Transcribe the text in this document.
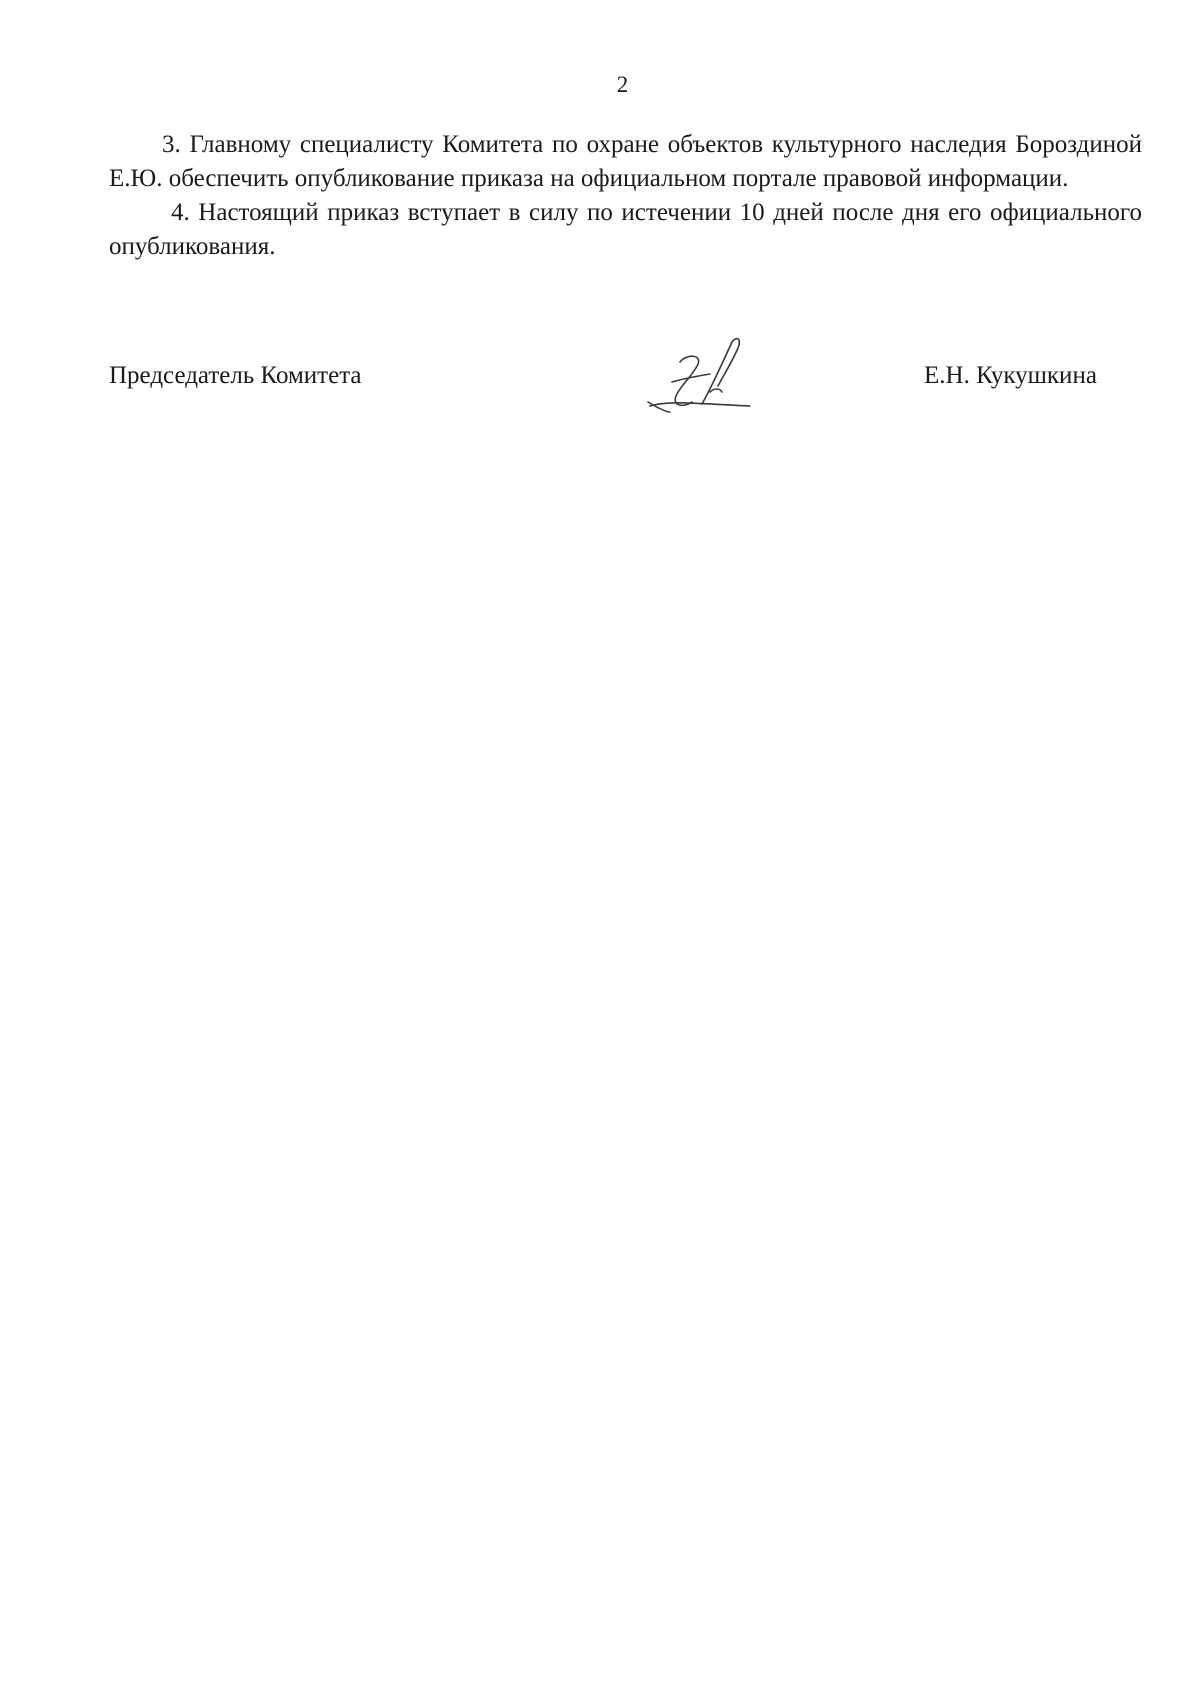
2

3. Главному специалисту Комитета по охране объектов культурного наследия Бороздиной Е.Ю. обеспечить опубликование приказа на официальном портале правовой информации.

4. Настоящий приказ вступает в силу по истечении 10 дней после дня его официального опубликования.

Председатель Комитета	Е.Н. Кукушкина
